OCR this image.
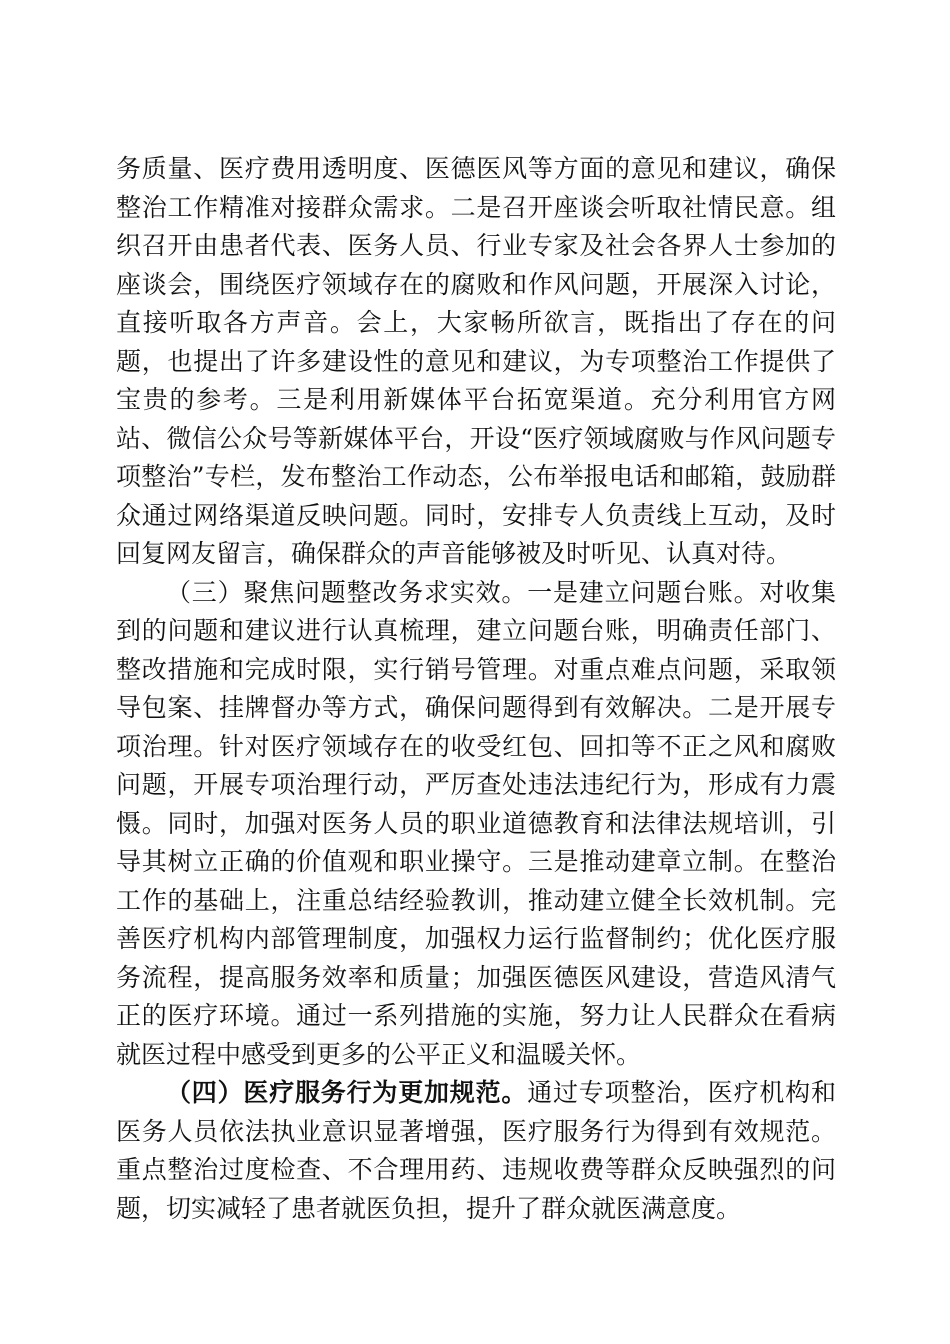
务质量、医疗费用透明度、医德医风等方面的意见和建议，确保整治工作精准对接群众需求。二是召开座谈会听取社情民意。组织召开由患者代表、医务人员、行业专家及社会各界人士参加的座谈会，围绕医疗领域存在的腐败和作风问题，开展深入讨论，直接听取各方声音。会上，大家畅所欲言，既指出了存在的问题，也提出了许多建设性的意见和建议，为专项整治工作提供了宝贵的参考。三是利用新媒体平台拓宽渠道。充分利用官方网站、微信公众号等新媒体平台，开设“医疗领域腐败与作风问题专项整治”专栏，发布整治工作动态，公布举报电话和邮箱，鼓励群众通过网络渠道反映问题。同时，安排专人负责线上互动，及时回复网友留言，确保群众的声音能够被及时听见、认真对待。

（三）聚焦问题整改务求实效。一是建立问题台账。对收集到的问题和建议进行认真梳理，建立问题台账，明确责任部门、整改措施和完成时限，实行销号管理。对重点难点问题，采取领导包案、挂牌督办等方式，确保问题得到有效解决。二是开展专项治理。针对医疗领域存在的收受红包、回扣等不正之风和腐败问题，开展专项治理行动，严厉查处违法违纪行为，形成有力震慑。同时，加强对医务人员的职业道德教育和法律法规培训，引导其树立正确的价值观和职业操守。三是推动建章立制。在整治工作的基础上，注重总结经验教训，推动建立健全长效机制。完善医疗机构内部管理制度，加强权力运行监督制约；优化医疗服务流程，提高服务效率和质量；加强医德医风建设，营造风清气正的医疗环境。通过一系列措施的实施，努力让人民群众在看病就医过程中感受到更多的公平正义和温暖关怀。

（四）医疗服务行为更加规范。通过专项整治，医疗机构和医务人员依法执业意识显著增强，医疗服务行为得到有效规范。重点整治过度检查、不合理用药、违规收费等群众反映强烈的问题，切实减轻了患者就医负担，提升了群众就医满意度。
